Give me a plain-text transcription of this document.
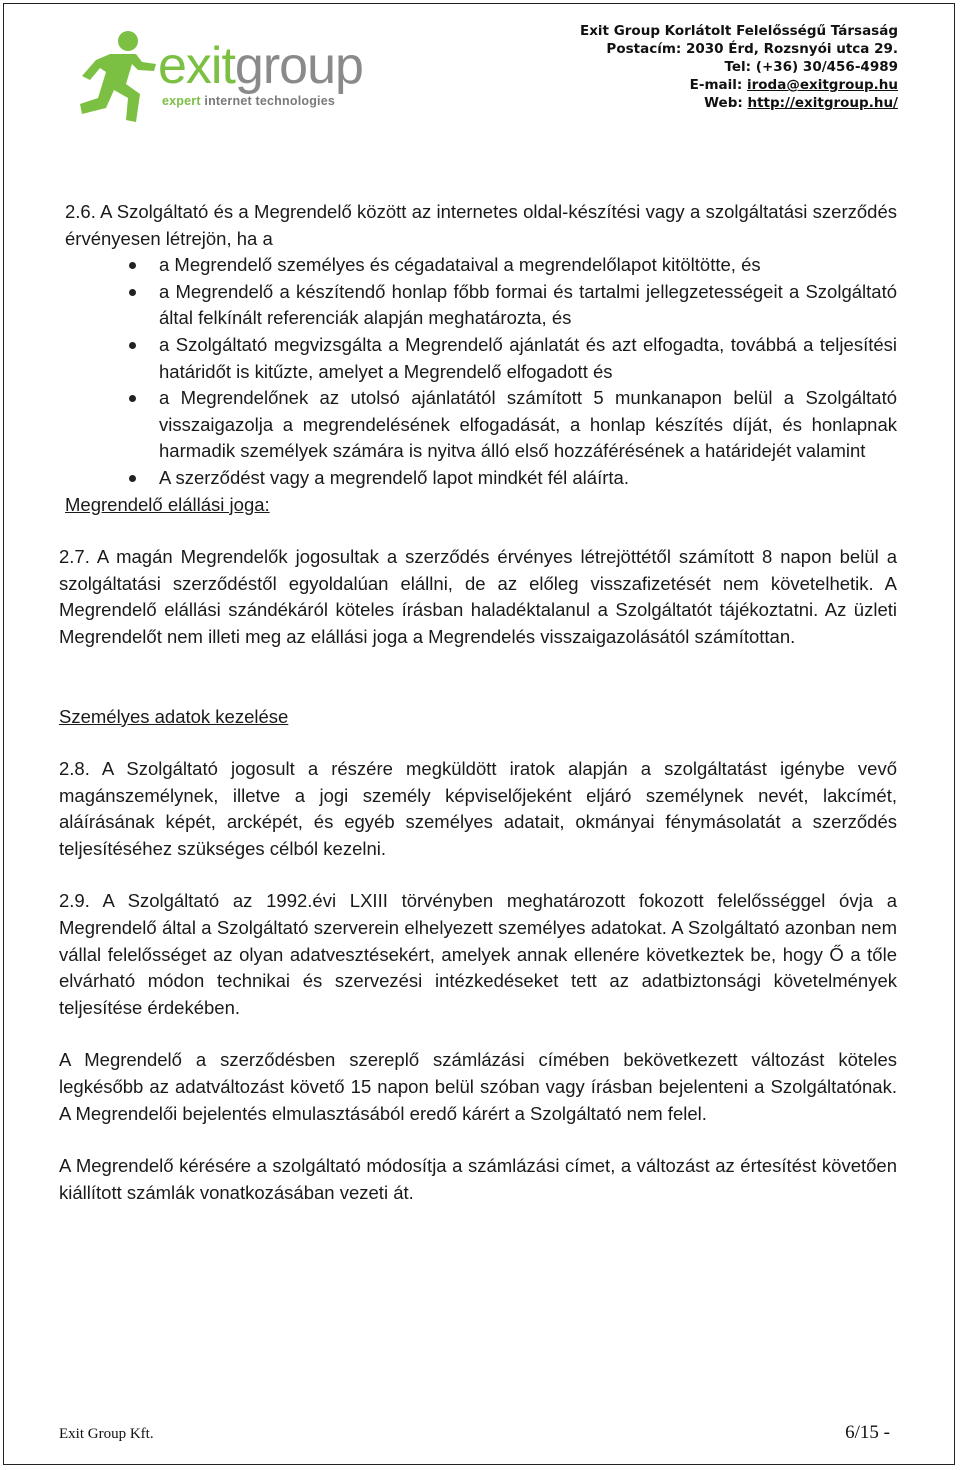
exitgroup
expert internet technologies
Exit Group Korlátolt Felelősségű Társaság
Postacím: 2030 Érd, Rozsnyói utca 29.
Tel: (+36) 30/456-4989
E-mail: iroda@exitgroup.hu
Web: http://exitgroup.hu/

2.6. A Szolgáltató és a Megrendelő között az internetes oldal-készítési vagy a szolgáltatási szerződés érvényesen létrejön, ha a

a Megrendelő személyes és cégadataival a megrendelőlapot kitöltötte, és
a Megrendelő a készítendő honlap főbb formai és tartalmi jellegzetességeit a Szolgáltató által felkínált referenciák alapján meghatározta, és
a Szolgáltató megvizsgálta a Megrendelő ajánlatát és azt elfogadta, továbbá a teljesítési határidőt is kitűzte, amelyet a Megrendelő elfogadott és
a Megrendelőnek az utolsó ajánlatától számított 5 munkanapon belül a Szolgáltató visszaigazolja a megrendelésének elfogadását, a honlap készítés díját, és honlapnak harmadik személyek számára is nyitva álló első hozzáférésének a határidejét valamint
A szerződést vagy a megrendelő lapot mindkét fél aláírta.

Megrendelő elállási joga:

2.7. A magán Megrendelők jogosultak a szerződés érvényes létrejöttétől számított 8 napon belül a szolgáltatási szerződéstől egyoldalúan elállni, de az előleg visszafizetését nem követelhetik. A Megrendelő elállási szándékáról köteles írásban haladéktalanul a Szolgáltatót tájékoztatni. Az üzleti Megrendelőt nem illeti meg az elállási joga a Megrendelés visszaigazolásától számítottan.

Személyes adatok kezelése

2.8. A Szolgáltató jogosult a részére megküldött iratok alapján a szolgáltatást igénybe vevő magánszemélynek, illetve a jogi személy képviselőjeként eljáró személynek nevét, lakcímét, aláírásának képét, arcképét, és egyéb személyes adatait, okmányai fénymásolatát a szerződés teljesítéséhez szükséges célból kezelni.

2.9. A Szolgáltató az 1992.évi LXIII törvényben meghatározott fokozott felelősséggel óvja a Megrendelő által a Szolgáltató szerverein elhelyezett személyes adatokat. A Szolgáltató azonban nem vállal felelősséget az olyan adatvesztésekért, amelyek annak ellenére következtek be, hogy Ő a tőle elvárható módon technikai és szervezési intézkedéseket tett az adatbiztonsági követelmények teljesítése érdekében.

A Megrendelő a szerződésben szereplő számlázási címében bekövetkezett változást köteles legkésőbb az adatváltozást követő 15 napon belül szóban vagy írásban bejelenteni a Szolgáltatónak. A Megrendelői bejelentés elmulasztásából eredő kárért a Szolgáltató nem felel.

A Megrendelő kérésére a szolgáltató módosítja a számlázási címet, a változást az értesítést követően kiállított számlák vonatkozásában vezeti át.

Exit Group Kft.	6/15 -
